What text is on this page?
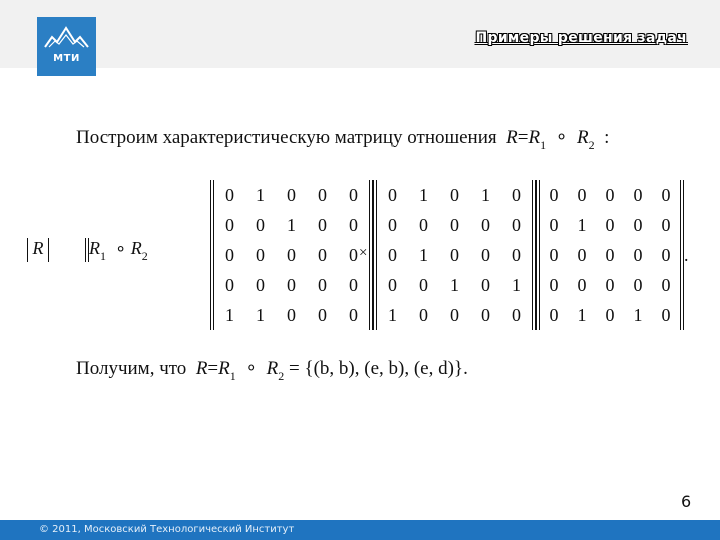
МТИ
Примеры решения задач
Построим характеристическую матрицу отношения $R=R_1$ ∘ $R_2$ :
R	$R_1$ ∘ $R_2$
0	1	0	0	0
0	0	1	0	0
0	0	0	0	0
0	0	0	0	0
1	1	0	0	0
×
0	1	0	1	0
0	0	0	0	0
0	1	0	0	0
0	0	1	0	1
1	0	0	0	0
0	0	0	0	0
0	1	0	0	0
0	0	0	0	0
0	0	0	0	0
0	1	0	1	0
.
Получим, что $R=R_1$ ∘ $R_2 = \{(b$, b), (e, b), (e, d)}.
6
© 2011, Московский Технологический Институт
